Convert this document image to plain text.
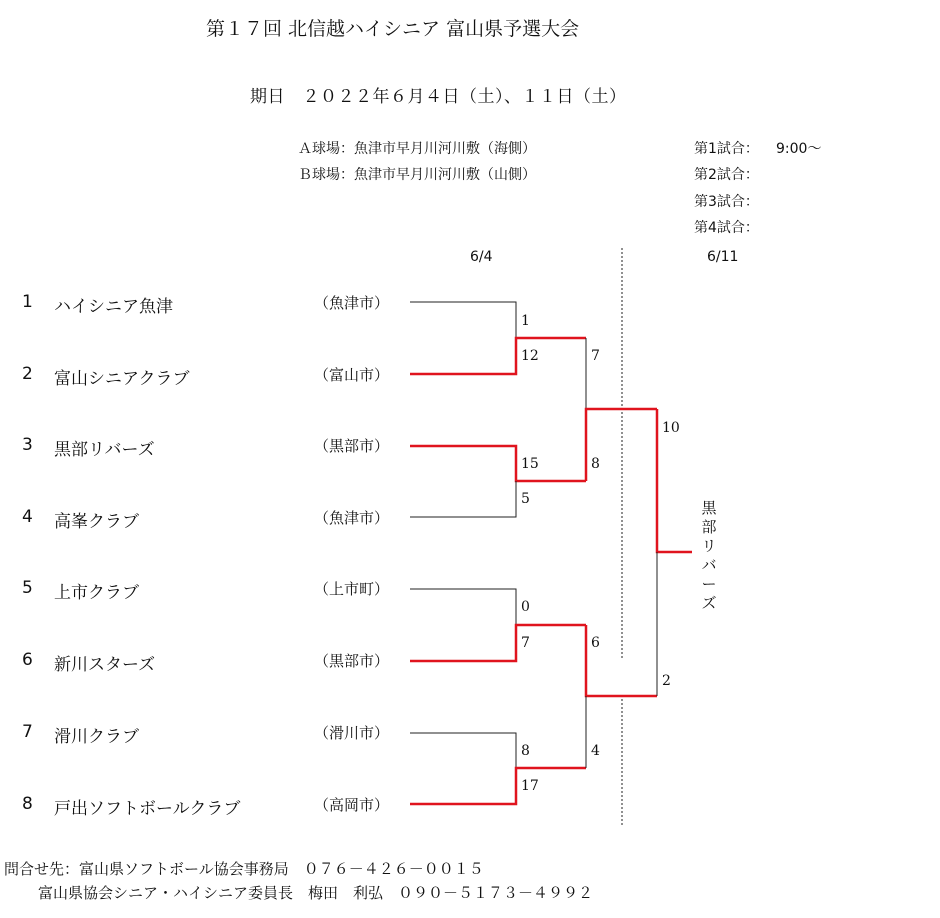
第１７回 北信越ハイシニア 富山県予選大会
期日　２０２２年６月４日（土）、１１日（土）
Ａ球場：魚津市早月川河川敷（海側）
Ｂ球場：魚津市早月川河川敷（山側）
第1試合： 9:00～
第2試合：
第3試合：
第4試合：
6/4	6/11
1 ハイシニア魚津	（魚津市）
2 富山シニアクラブ	（富山市）
3 黒部リバーズ	（黒部市）
4 高峯クラブ	（魚津市）
5 上市クラブ	（上市町）
6 新川スターズ	（黒部市）
7 滑川クラブ	（滑川市）
8 戸出ソフトボールクラブ	（高岡市）
1
12
15
5
0
7
8
17
7
8
6
4
10
2
黒
部
リ
バ
ー
ズ
問合せ先：富山県ソフトボール協会事務局　０７６－４２６－００１５
富山県協会シニア・ハイシニア委員長　梅田　利弘　０９０－５１７３－４９９２
